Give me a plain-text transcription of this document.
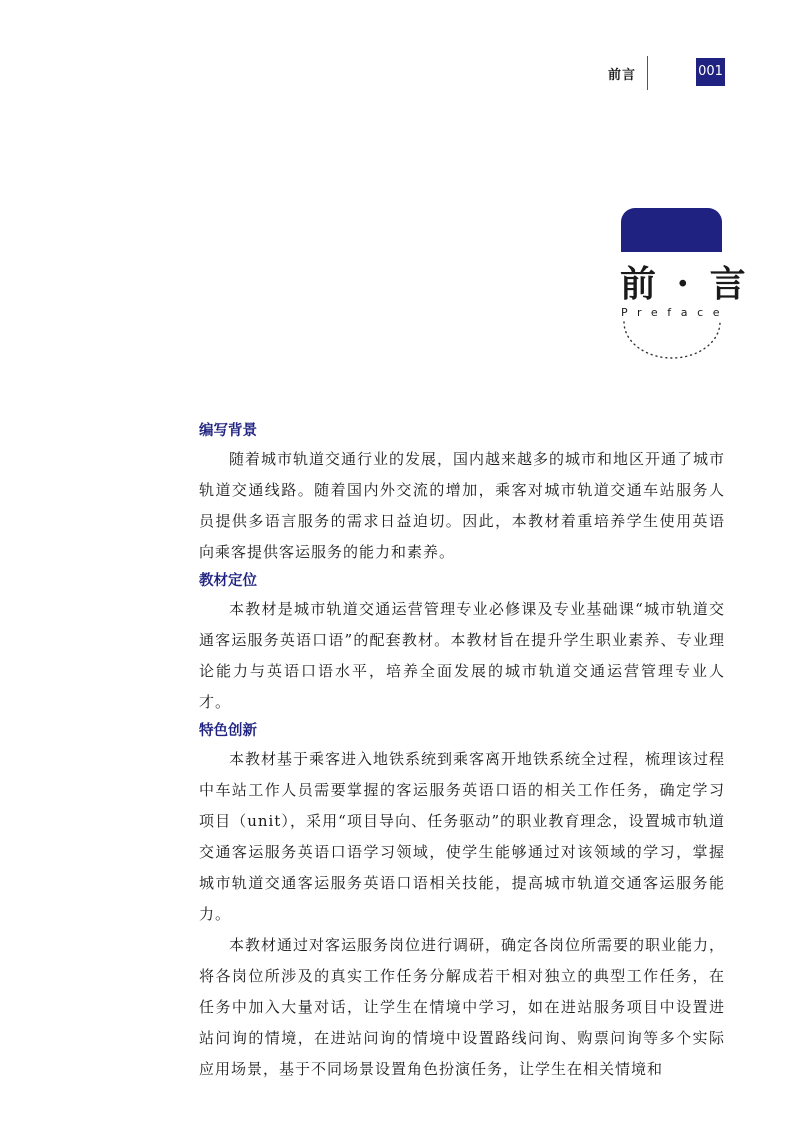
前言	001
前 · 言
Preface
编写背景

随着城市轨道交通行业的发展，国内越来越多的城市和地区开通了城市轨道交通线路。随着国内外交流的增加，乘客对城市轨道交通车站服务人员提供多语言服务的需求日益迫切。因此，本教材着重培养学生使用英语向乘客提供客运服务的能力和素养。

教材定位

本教材是城市轨道交通运营管理专业必修课及专业基础课“城市轨道交通客运服务英语口语”的配套教材。本教材旨在提升学生职业素养、专业理论能力与英语口语水平，培养全面发展的城市轨道交通运营管理专业人才。

特色创新

本教材基于乘客进入地铁系统到乘客离开地铁系统全过程，梳理该过程中车站工作人员需要掌握的客运服务英语口语的相关工作任务，确定学习项目（unit），采用“项目导向、任务驱动”的职业教育理念，设置城市轨道交通客运服务英语口语学习领域，使学生能够通过对该领域的学习，掌握城市轨道交通客运服务英语口语相关技能，提高城市轨道交通客运服务能力。

本教材通过对客运服务岗位进行调研，确定各岗位所需要的职业能力，将各岗位所涉及的真实工作任务分解成若干相对独立的典型工作任务，在任务中加入大量对话，让学生在情境中学习，如在进站服务项目中设置进站问询的情境，在进站问询的情境中设置路线问询、购票问询等多个实际应用场景，基于不同场景设置角色扮演任务，让学生在相关情境和
